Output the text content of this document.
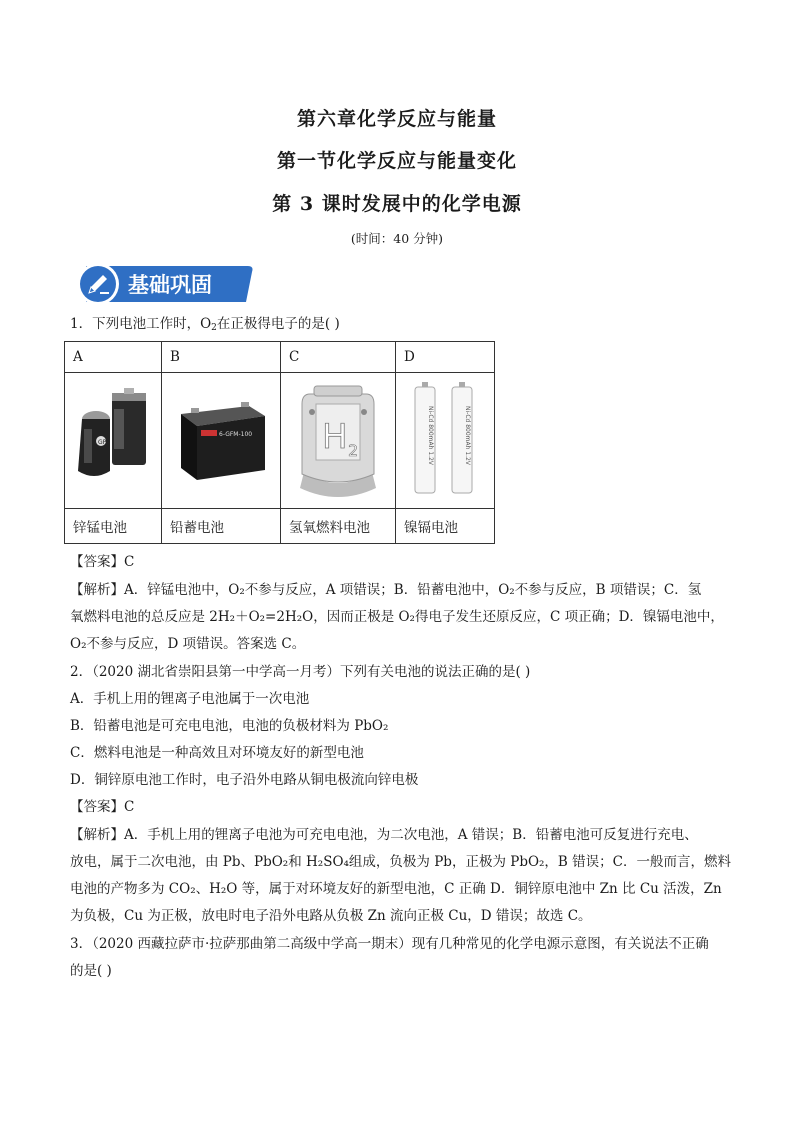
第六章化学反应与能量
第一节化学反应与能量变化
第 3 课时发展中的化学电源
(时间：40 分钟)
基础巩固
1．下列电池工作时，$O_2$在正极得电子的是( )
A	B	C	D

GP	6-GFM-100	H 2	Ni-Cd 800mAh 1.2V Ni-Cd 800mAh 1.2V

锌锰电池	铅蓄电池	氢氧燃料电池	镍镉电池
【答案】C
【解析】A．锌锰电池中，O₂不参与反应，A 项错误；B．铅蓄电池中，O₂不参与反应，B 项错误；C．氢
氧燃料电池的总反应是 2H₂＋O₂=2H₂O，因而正极是 O₂得电子发生还原反应，C 项正确；D．镍镉电池中，
O₂不参与反应，D 项错误。答案选 C。
2．（2020 湖北省崇阳县第一中学高一月考）下列有关电池的说法正确的是( )
A．手机上用的锂离子电池属于一次电池
B．铅蓄电池是可充电电池，电池的负极材料为 PbO₂
C．燃料电池是一种高效且对环境友好的新型电池
D．铜锌原电池工作时，电子沿外电路从铜电极流向锌电极
【答案】C
【解析】A．手机上用的锂离子电池为可充电电池，为二次电池，A 错误；B．铅蓄电池可反复进行充电、
放电，属于二次电池，由 Pb、PbO₂和 H₂SO₄组成，负极为 Pb，正极为 PbO₂，B 错误；C．一般而言，燃料
电池的产物多为 CO₂、H₂O 等，属于对环境友好的新型电池，C 正确 D．铜锌原电池中 Zn 比 Cu 活泼，Zn
为负极，Cu 为正极，放电时电子沿外电路从负极 Zn 流向正极 Cu，D 错误；故选 C。
3．（2020 西藏拉萨市·拉萨那曲第二高级中学高一期末）现有几种常见的化学电源示意图，有关说法不正确
的是( )
